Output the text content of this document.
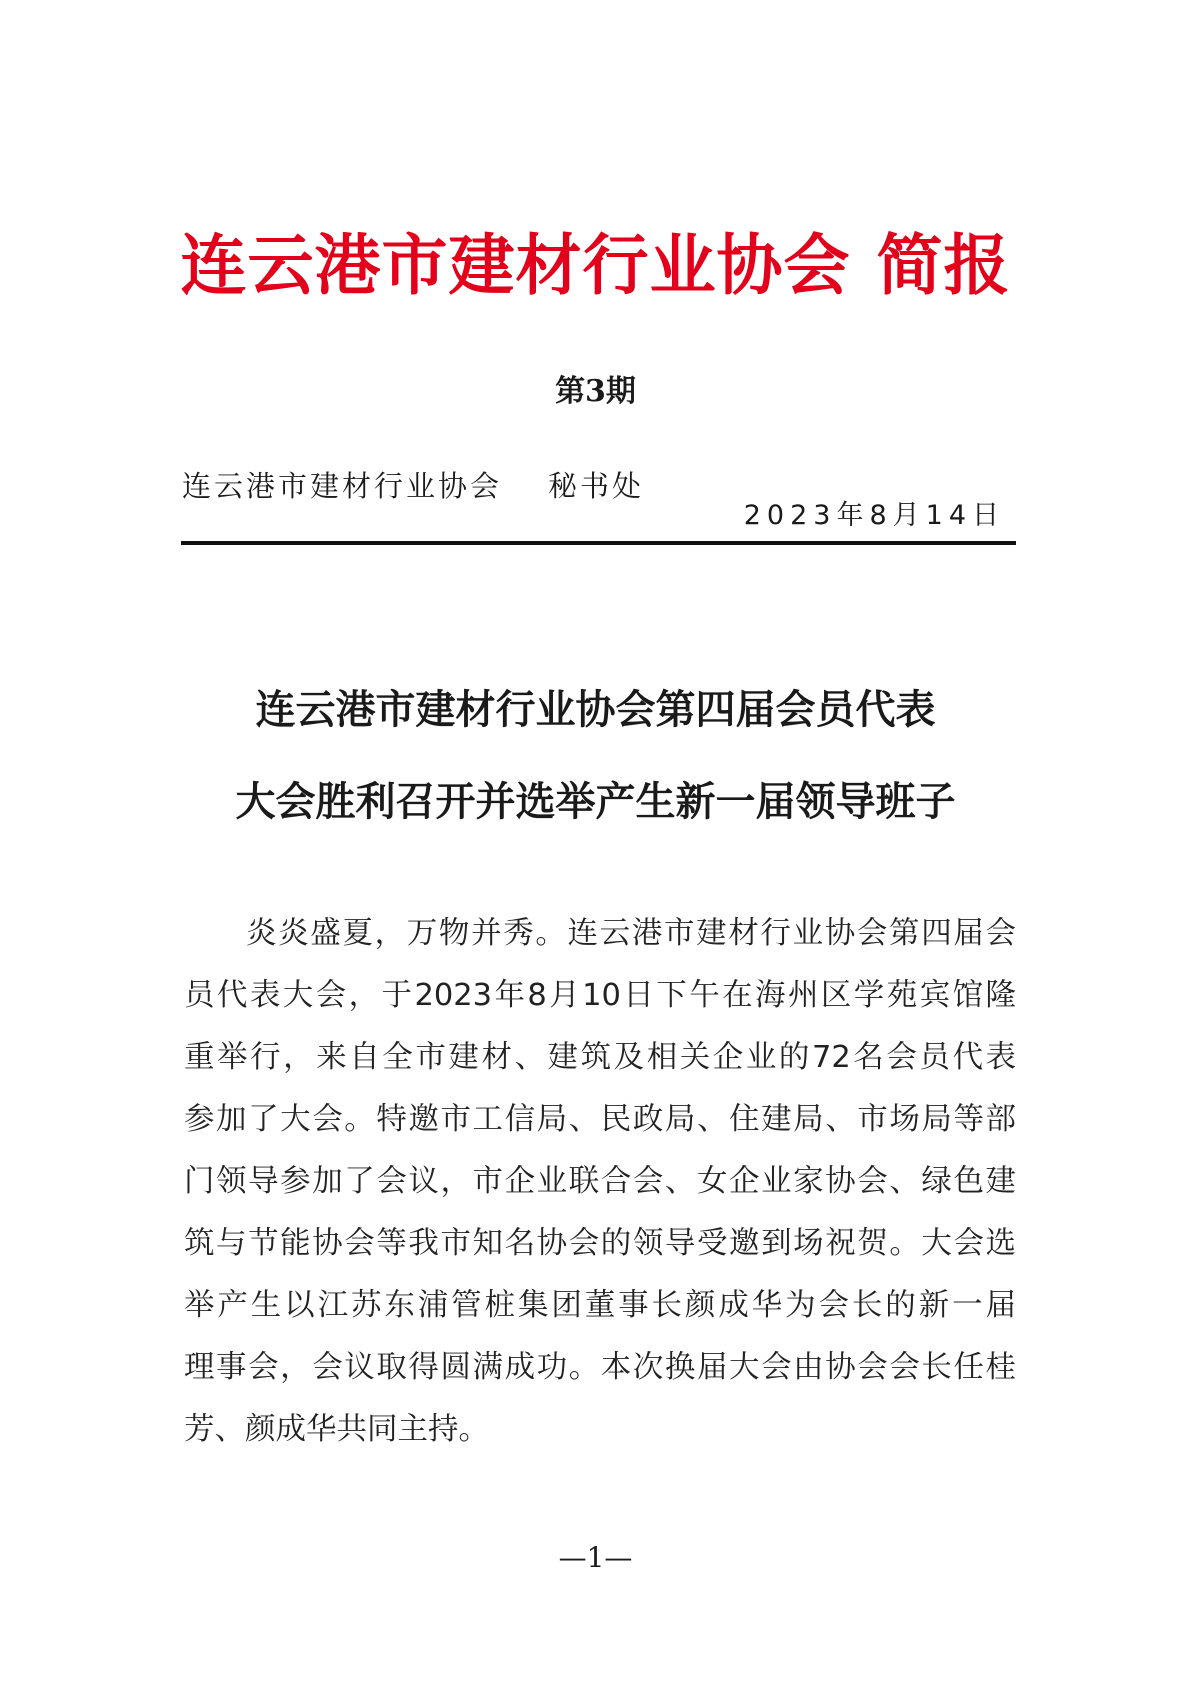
连云港市建材行业协会 简报
第3期
连云港市建材行业协会 秘书处
2023年8月14日
连云港市建材行业协会第四届会员代表
大会胜利召开并选举产生新一届领导班子
炎炎盛夏，万物并秀。连云港市建材行业协会第四届会
员代表大会，于2023年8月10日下午在海州区学苑宾馆隆
重举行，来自全市建材、建筑及相关企业的72名会员代表
参加了大会。特邀市工信局、民政局、住建局、市场局等部
门领导参加了会议，市企业联合会、女企业家协会、绿色建
筑与节能协会等我市知名协会的领导受邀到场祝贺。大会选
举产生以江苏东浦管桩集团董事长颜成华为会长的新一届
理事会，会议取得圆满成功。本次换届大会由协会会长任桂
芳、颜成华共同主持。
—1—
